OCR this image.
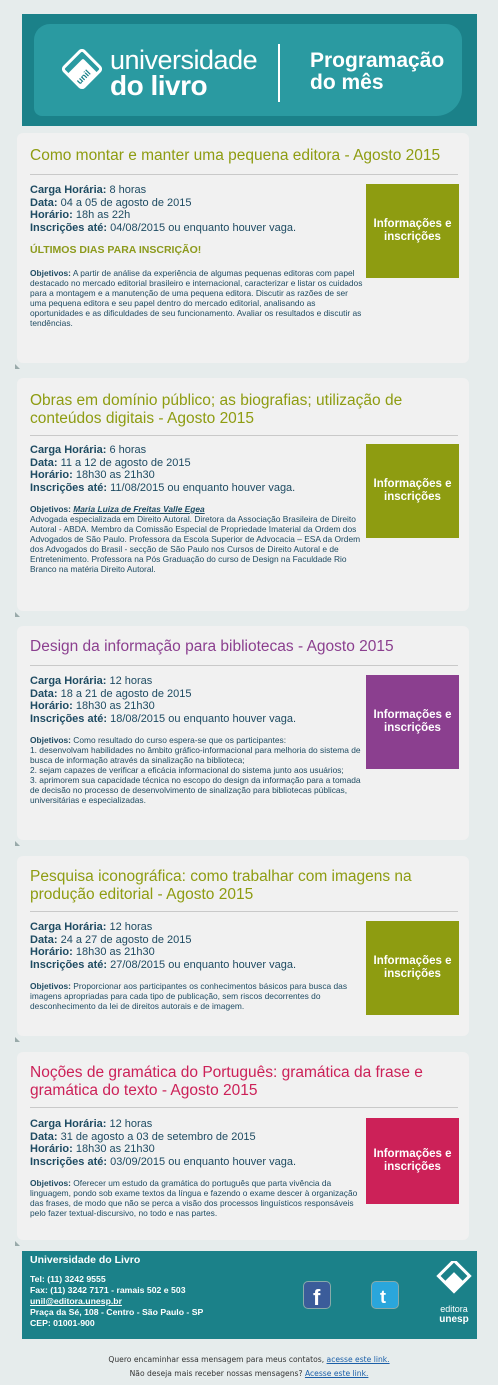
unil
universidade
do livro
Programação
do mês
Como montar e manter uma pequena editora - Agosto 2015
Carga Horária: 8 horas
Data: 04 a 05 de agosto de 2015
Horário: 18h as 22h
Inscrições até: 04/08/2015 ou enquanto houver vaga.
ÚLTIMOS DIAS PARA INSCRIÇÃO!
Objetivos: A partir de análise da experiência de algumas pequenas editoras com papel destacado no mercado editorial brasileiro e internacional, caracterizar e listar os cuidados para a montagem e a manutenção de uma pequena editora. Discutir as razões de ser uma pequena editora e seu papel dentro do mercado editorial, analisando as oportunidades e as dificuldades de seu funcionamento. Avaliar os resultados e discutir as tendências.
Informações e
inscrições
Obras em domínio público; as biografias; utilização de conteúdos digitais - Agosto 2015
Carga Horária: 6 horas
Data: 11 a 12 de agosto de 2015
Horário: 18h30 as 21h30
Inscrições até: 11/08/2015 ou enquanto houver vaga.
Objetivos: Maria Luiza de Freitas Valle Egea
Advogada especializada em Direito Autoral. Diretora da Associação Brasileira de Direito Autoral - ABDA. Membro da Comissão Especial de Propriedade Imaterial da Ordem dos Advogados de São Paulo. Professora da Escola Superior de Advocacia – ESA da Ordem dos Advogados do Brasil - secção de São Paulo nos Cursos de Direito Autoral e de Entretenimento. Professora na Pós Graduação do curso de Design na Faculdade Rio Branco na matéria Direito Autoral.
Informações e
inscrições
Design da informação para bibliotecas - Agosto 2015
Carga Horária: 12 horas
Data: 18 a 21 de agosto de 2015
Horário: 18h30 as 21h30
Inscrições até: 18/08/2015 ou enquanto houver vaga.
Objetivos: Como resultado do curso espera-se que os participantes:
1. desenvolvam habilidades no âmbito gráfico-informacional para melhoria do sistema de busca de informação através da sinalização na biblioteca;
2. sejam capazes de verificar a eficácia informacional do sistema junto aos usuários;
3. aprimorem sua capacidade técnica no escopo do design da informação para a tomada de decisão no processo de desenvolvimento de sinalização para bibliotecas públicas, universitárias e especializadas.
Informações e
inscrições
Pesquisa iconográfica: como trabalhar com imagens na produção editorial - Agosto 2015
Carga Horária: 12 horas
Data: 24 a 27 de agosto de 2015
Horário: 18h30 as 21h30
Inscrições até: 27/08/2015 ou enquanto houver vaga.
Objetivos: Proporcionar aos participantes os conhecimentos básicos para busca das imagens apropriadas para cada tipo de publicação, sem riscos decorrentes do desconhecimento da lei de direitos autorais e de imagem.
Informações e
inscrições
Noções de gramática do Português: gramática da frase e gramática do texto - Agosto 2015
Carga Horária: 12 horas
Data: 31 de agosto a 03 de setembro de 2015
Horário: 18h30 as 21h30
Inscrições até: 03/09/2015 ou enquanto houver vaga.
Objetivos: Oferecer um estudo da gramática do português que parta vivência da linguagem, pondo sob exame textos da língua e fazendo o exame descer à organização das frases, de modo que não se perca a visão dos processos linguísticos responsáveis pelo fazer textual-discursivo, no todo e nas partes.
Informações e
inscrições
Universidade do Livro
Tel: (11) 3242 9555
Fax: (11) 3242 7171 - ramais 502 e 503
unil@editora.unesp.br
Praça da Sé, 108 - Centro - São Paulo - SP
CEP: 01001-900
f	t
editora
unesp
Quero encaminhar essa mensagem para meus contatos, acesse este link.
Não deseja mais receber nossas mensagens? Acesse este link.
